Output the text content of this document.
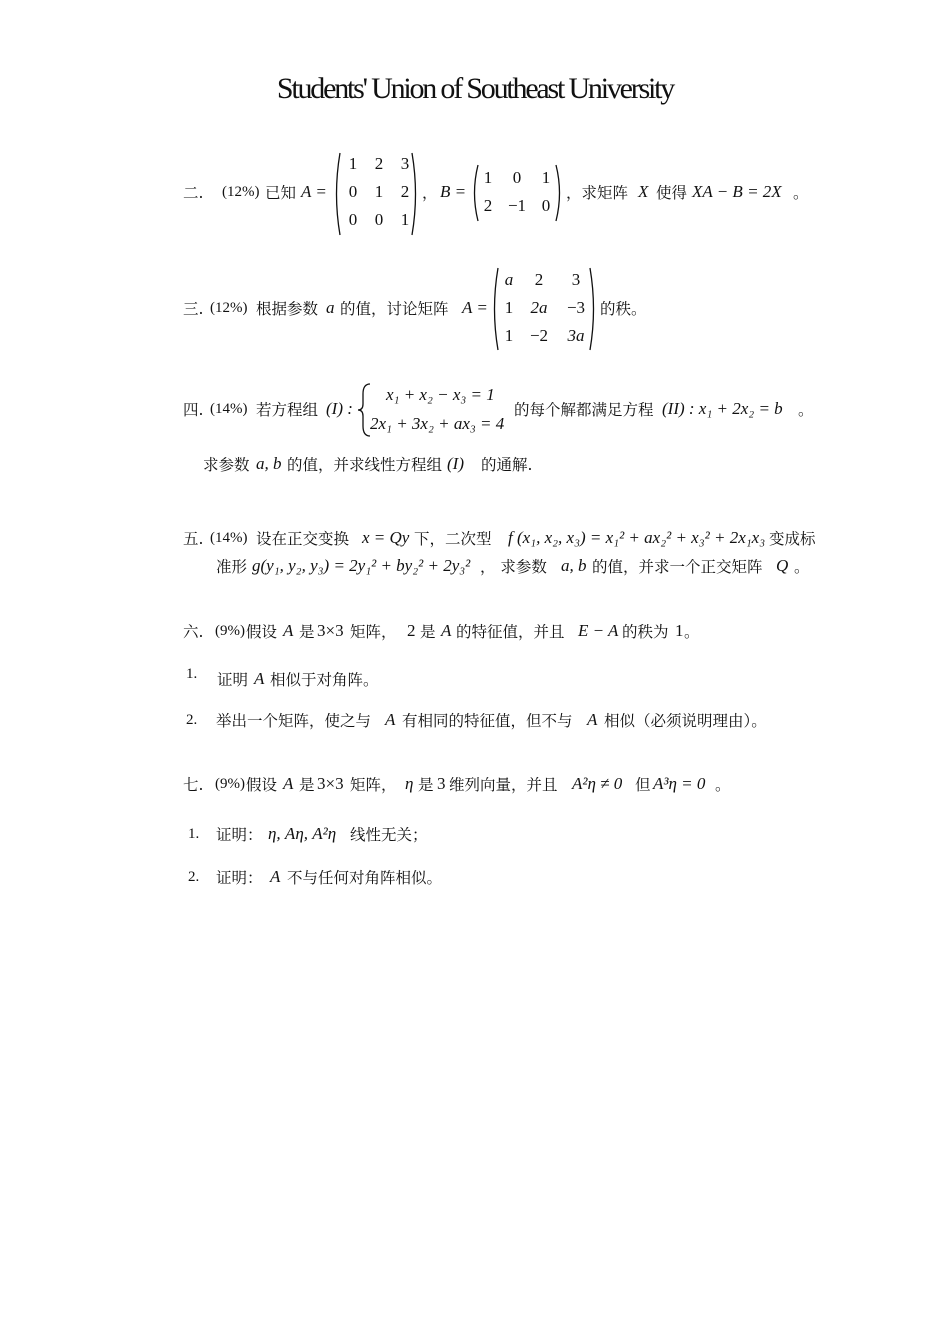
Students' Union of Southeast University
二. (12%) 已知 A =
1	2	3
0	1	2
0	0	1
， B =
1	0	1
2 −1 0
，求矩阵 X 使得 XA − B = 2X 。
三. (12%) 根据参数 a 的值，讨论矩阵 A =
a	2	3
1	2a	−3
1 −2	3a
的秩。
四. (14%) 若方程组 (I) :
x₁ + x₂ − x₃ = 1
2x₁ + 3x₂ + ax₃ = 4
的每个解都满足方程 (II) : x₁ + 2x₂ = b 。
求参数 a, b 的值，并求线性方程组 (I) 的通解.
五. (14%) 设在正交变换 x = Qy 下，二次型 f (x₁, x₂, x₃) = x₁² + ax₂² + x₃² + 2x₁x₃ 变成标
准形 g(y₁, y₂, y₃) = 2y₁² + by₂² + 2y₃² ， 求参数 a, b 的值，并求一个正交矩阵 Q 。
六. (9%) 假设 A 是 3×3 矩阵， 2 是 A 的特征值，并且 E − A 的秩为 1 。
1. 证明 A 相似于对角阵。
2. 举出一个矩阵，使之与 A 有相同的特征值，但不与 A 相似（必须说明理由）。
七. (9%) 假设 A 是 3×3 矩阵， η 是 3 维列向量，并且 A²η ≠ 0 但 A³η = 0 。
1. 证明： η, Aη, A²η 线性无关；
2. 证明： A 不与任何对角阵相似。
